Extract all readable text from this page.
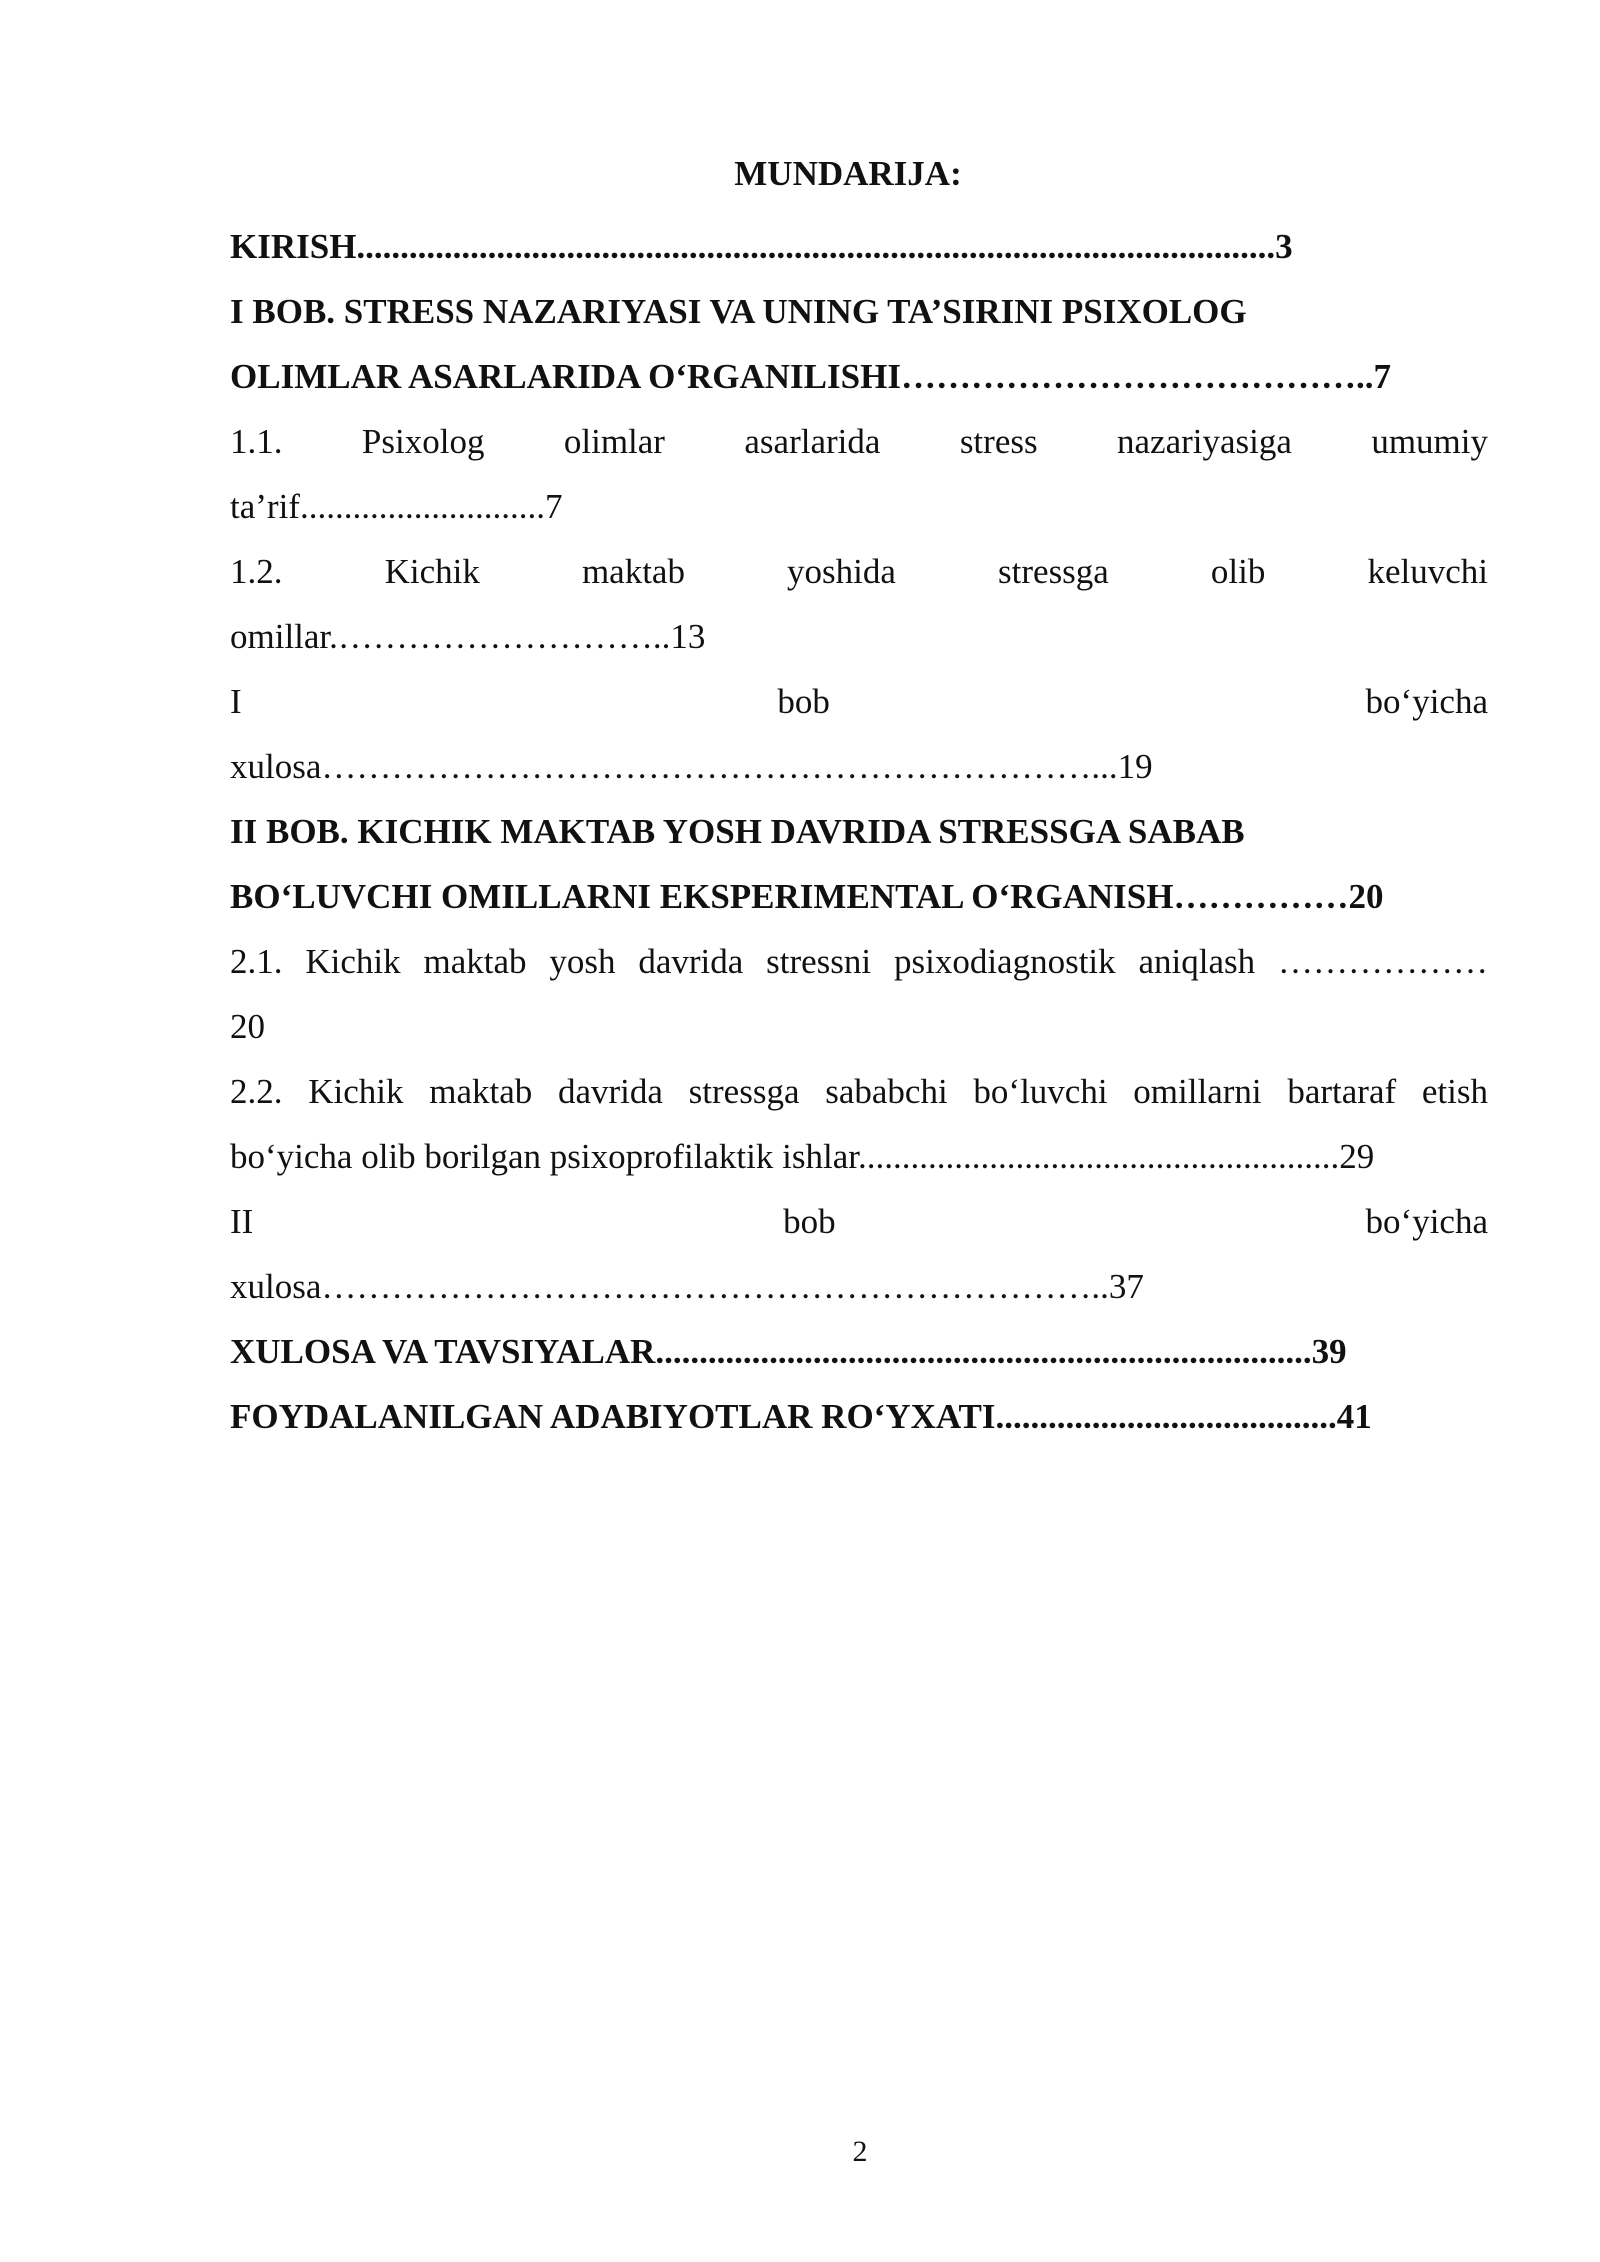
MUNDARIJA:
KIRISH.........................................................................................................3
I BOB. STRESS NAZARIYASI VA UNING TA’SIRINI PSIXOLOG
OLIMLAR ASARLARIDA O‘RGANILISHI…………………………………..7
1.1. Psixolog olimlar asarlarida stress nazariyasiga umumiy
ta’rif............................7
1.2. Kichik maktab yoshida stressga olib keluvchi
omillar.………………………..13
I bob bo‘yicha
xulosa…………………………………………………………...19
II BOB. KICHIK MAKTAB YOSH DAVRIDA STRESSGA SABAB
BO‘LUVCHI OMILLARNI EKSPERIMENTAL O‘RGANISH……………20
2.1. Kichik maktab yosh davrida stressni psixodiagnostik aniqlash ………………
20
2.2. Kichik maktab davrida stressga sababchi bo‘luvchi omillarni bartaraf etish
bo‘yicha olib borilgan psixoprofilaktik ishlar.......................................................29
II bob bo‘yicha
xulosa…………………………………………………………..37
XULOSA VA TAVSIYALAR...........................................................................39
FOYDALANILGAN ADABIYOTLAR RO‘YXATI.......................................41
2
